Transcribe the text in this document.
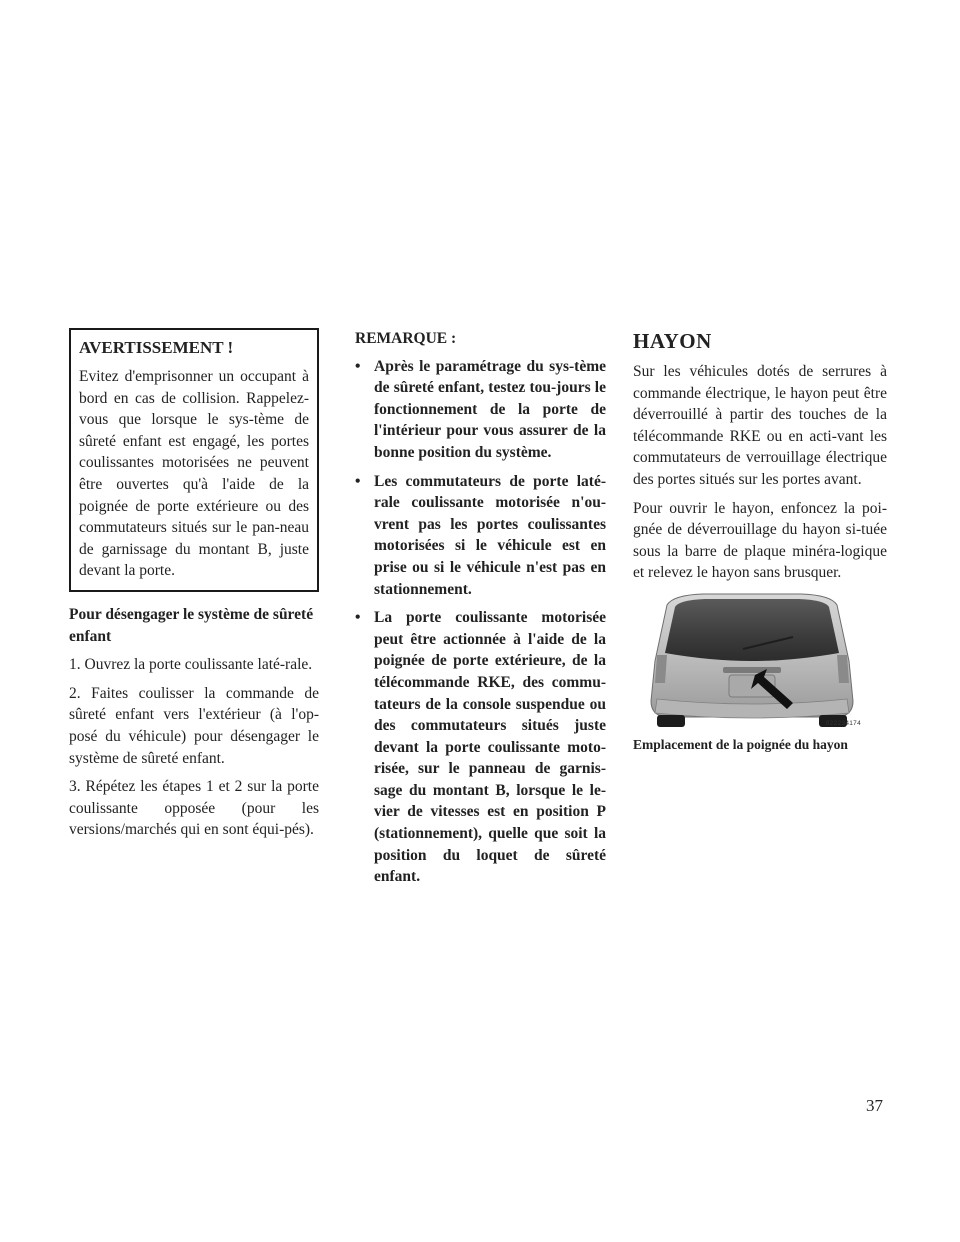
AVERTISSEMENT !

Evitez d'emprisonner un occupant à bord en cas de collision. Rappelez-vous que lorsque le sys-tème de sûreté enfant est engagé, les portes coulissantes motorisées ne peuvent être ouvertes qu'à l'aide de la poignée de porte extérieure ou des commutateurs situés sur le pan-neau de garnissage du montant B, juste devant la porte.

Pour désengager le système de sûreté enfant

1. Ouvrez la porte coulissante laté-rale.

2. Faites coulisser la commande de sûreté enfant vers l'extérieur (à l'op-posé du véhicule) pour désengager le système de sûreté enfant.

3. Répétez les étapes 1 et 2 sur la porte coulissante opposée (pour les versions/marchés qui en sont équi-pés).

REMARQUE :
• Après le paramétrage du sys-tème de sûreté enfant, testez tou-jours le fonctionnement de la porte de l'intérieur pour vous assurer de la bonne position du système.
• Les commutateurs de porte laté-rale coulissante motorisée n'ou-vrent pas les portes coulissantes motorisées si le véhicule est en prise ou si le véhicule n'est pas en stationnement.
• La porte coulissante motorisée peut être actionnée à l'aide de la poignée de porte extérieure, de la télécommande RKE, des commu-tateurs de la console suspendue ou des commutateurs situés juste devant la porte coulissante moto-risée, sur le panneau de garnis-sage du montant B, lorsque le le-vier de vitesses est en position P (stationnement), quelle que soit la position du loquet de sûreté enfant.
HAYON

Sur les véhicules dotés de serrures à commande électrique, le hayon peut être déverrouillé à partir des touches de la télécommande RKE ou en acti-vant les commutateurs de verrouillage électrique des portes situés sur les portes avant.

Pour ouvrir le hayon, enfoncez la poi-gnée de déverrouillage du hayon si-tuée sous la barre de plaque minéra-logique et relevez le hayon sans brusquer.

022234174
Emplacement de la poignée du hayon
37
